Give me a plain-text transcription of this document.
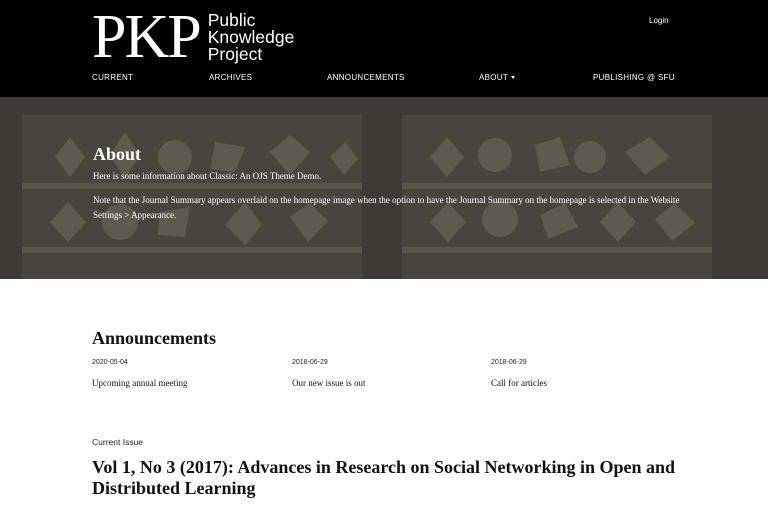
PKP Public
Knowledge
Project
Login
CURRENT	ARCHIVES	ANNOUNCEMENTS	ABOUT	PUBLISHING @ SFU
About

Here is some information about Classic: An OJS Theme Demo.

Note that the Journal Summary appears overlaid on the homepage image when the option to have the Journal Summary on the homepage is selected in the Website Settings > Appearance.

Announcements
2020-05-04
Upcoming annual meeting
2018-06-29
Our new issue is out
2018-06-29
Call for articles
Current Issue
Vol 1, No 3 (2017): Advances in Research on Social Networking in Open and Distributed Learning
